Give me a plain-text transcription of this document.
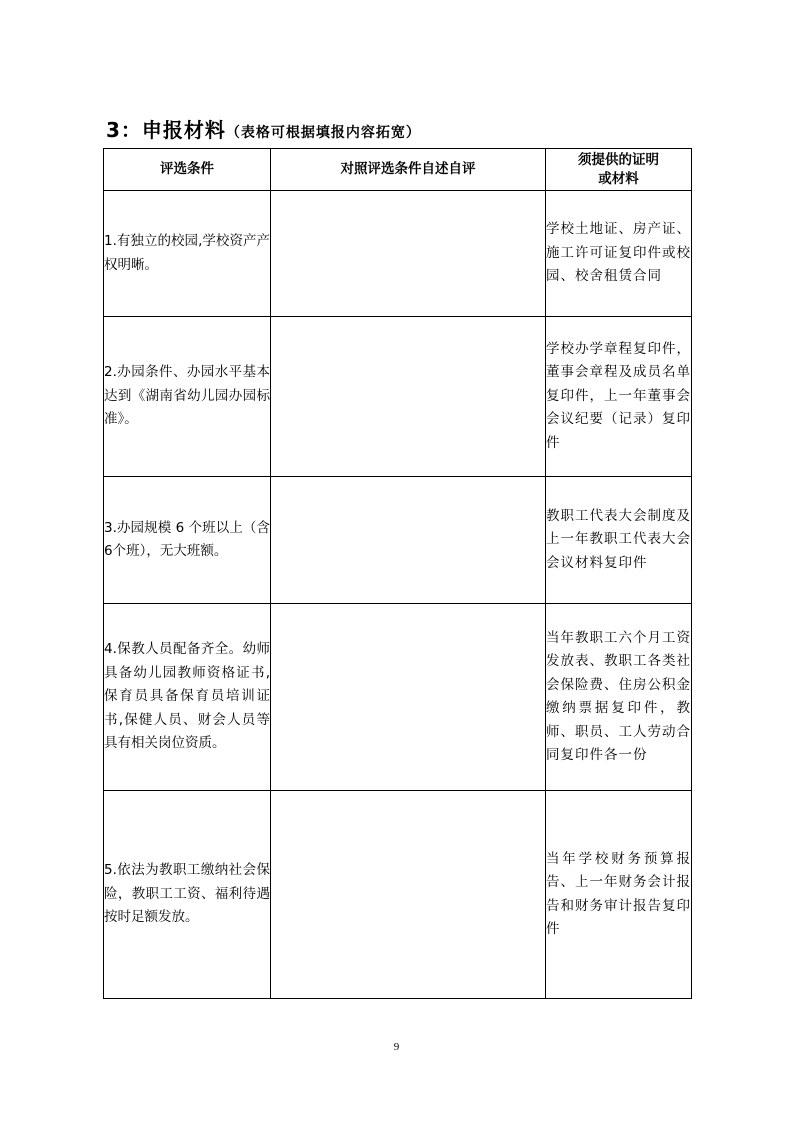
3：申报材料（表格可根据填报内容拓宽）
评选条件	对照评选条件自述自评	须提供的证明
或材料

1.有独立的校园,学校资产产权明晰。		学校土地证、房产证、施工许可证复印件或校园、校舍租赁合同
2.办园条件、办园水平基本达到《湖南省幼儿园办园标准》。		学校办学章程复印件，董事会章程及成员名单复印件，上一年董事会会议纪要（记录）复印件
3.办园规模 6 个班以上（含6个班），无大班额。		教职工代表大会制度及上一年教职工代表大会会议材料复印件
4.保教人员配备齐全。幼师具备幼儿园教师资格证书,保育员具备保育员培训证书,保健人员、财会人员等具有相关岗位资质。		当年教职工六个月工资发放表、教职工各类社会保险费、住房公积金缴纳票据复印件，教师、职员、工人劳动合同复印件各一份
5.依法为教职工缴纳社会保险，教职工工资、福利待遇按时足额发放。		当年学校财务预算报告、上一年财务会计报告和财务审计报告复印件
9
